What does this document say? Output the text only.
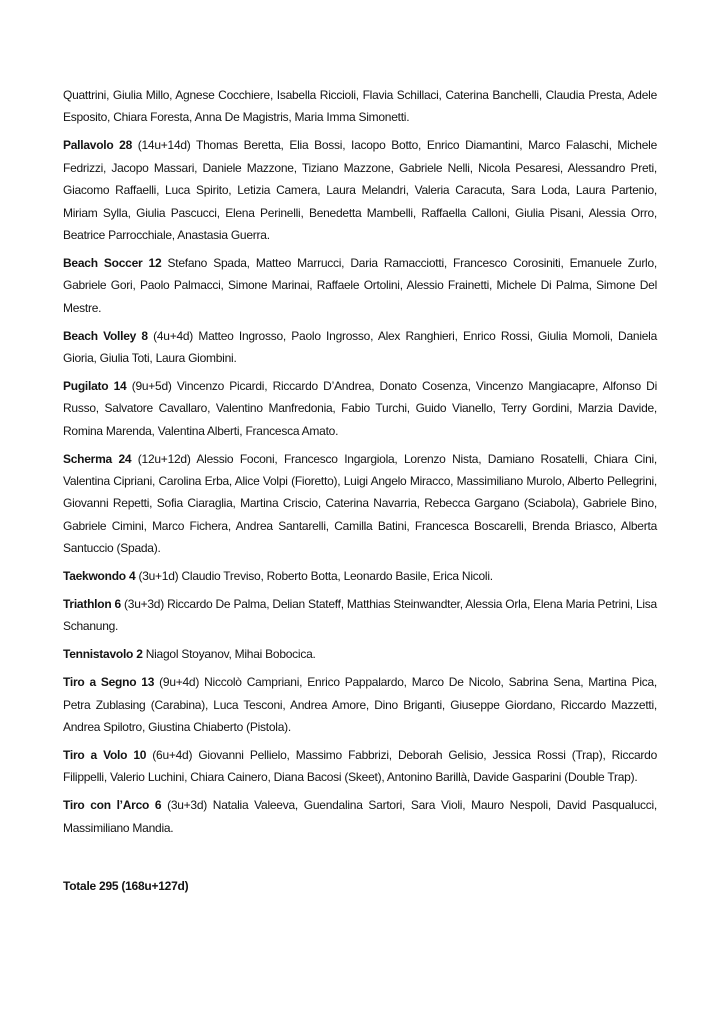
Quattrini, Giulia Millo, Agnese Cocchiere, Isabella Riccioli, Flavia Schillaci, Caterina Banchelli, Claudia Presta, Adele Esposito, Chiara Foresta, Anna De Magistris, Maria Imma Simonetti.

Pallavolo 28 (14u+14d) Thomas Beretta, Elia Bossi, Iacopo Botto, Enrico Diamantini, Marco Falaschi, Michele Fedrizzi, Jacopo Massari, Daniele Mazzone, Tiziano Mazzone, Gabriele Nelli, Nicola Pesaresi, Alessandro Preti, Giacomo Raffaelli, Luca Spirito, Letizia Camera, Laura Melandri, Valeria Caracuta, Sara Loda, Laura Partenio, Miriam Sylla, Giulia Pascucci, Elena Perinelli, Benedetta Mambelli, Raffaella Calloni, Giulia Pisani, Alessia Orro, Beatrice Parrocchiale, Anastasia Guerra.

Beach Soccer 12 Stefano Spada, Matteo Marrucci, Daria Ramacciotti, Francesco Corosiniti, Emanuele Zurlo, Gabriele Gori, Paolo Palmacci, Simone Marinai, Raffaele Ortolini, Alessio Frainetti, Michele Di Palma, Simone Del Mestre.

Beach Volley 8 (4u+4d) Matteo Ingrosso, Paolo Ingrosso, Alex Ranghieri, Enrico Rossi, Giulia Momoli, Daniela Gioria, Giulia Toti, Laura Giombini.

Pugilato 14 (9u+5d) Vincenzo Picardi, Riccardo D’Andrea, Donato Cosenza, Vincenzo Mangiacapre, Alfonso Di Russo, Salvatore Cavallaro, Valentino Manfredonia, Fabio Turchi, Guido Vianello, Terry Gordini, Marzia Davide, Romina Marenda, Valentina Alberti, Francesca Amato.

Scherma 24 (12u+12d) Alessio Foconi, Francesco Ingargiola, Lorenzo Nista, Damiano Rosatelli, Chiara Cini, Valentina Cipriani, Carolina Erba, Alice Volpi (Fioretto), Luigi Angelo Miracco, Massimiliano Murolo, Alberto Pellegrini, Giovanni Repetti, Sofia Ciaraglia, Martina Criscio, Caterina Navarria, Rebecca Gargano (Sciabola), Gabriele Bino, Gabriele Cimini, Marco Fichera, Andrea Santarelli, Camilla Batini, Francesca Boscarelli, Brenda Briasco, Alberta Santuccio (Spada).

Taekwondo 4 (3u+1d) Claudio Treviso, Roberto Botta, Leonardo Basile, Erica Nicoli.

Triathlon 6 (3u+3d) Riccardo De Palma, Delian Stateff, Matthias Steinwandter, Alessia Orla, Elena Maria Petrini, Lisa Schanung.

Tennistavolo 2 Niagol Stoyanov, Mihai Bobocica.

Tiro a Segno 13 (9u+4d) Niccolò Campriani, Enrico Pappalardo, Marco De Nicolo, Sabrina Sena, Martina Pica, Petra Zublasing (Carabina), Luca Tesconi, Andrea Amore, Dino Briganti, Giuseppe Giordano, Riccardo Mazzetti, Andrea Spilotro, Giustina Chiaberto (Pistola).

Tiro a Volo 10 (6u+4d) Giovanni Pellielo, Massimo Fabbrizi, Deborah Gelisio, Jessica Rossi (Trap), Riccardo Filippelli, Valerio Luchini, Chiara Cainero, Diana Bacosi (Skeet), Antonino Barillà, Davide Gasparini (Double Trap).

Tiro con l’Arco 6 (3u+3d) Natalia Valeeva, Guendalina Sartori, Sara Violi, Mauro Nespoli, David Pasqualucci, Massimiliano Mandia.

Totale 295 (168u+127d)
